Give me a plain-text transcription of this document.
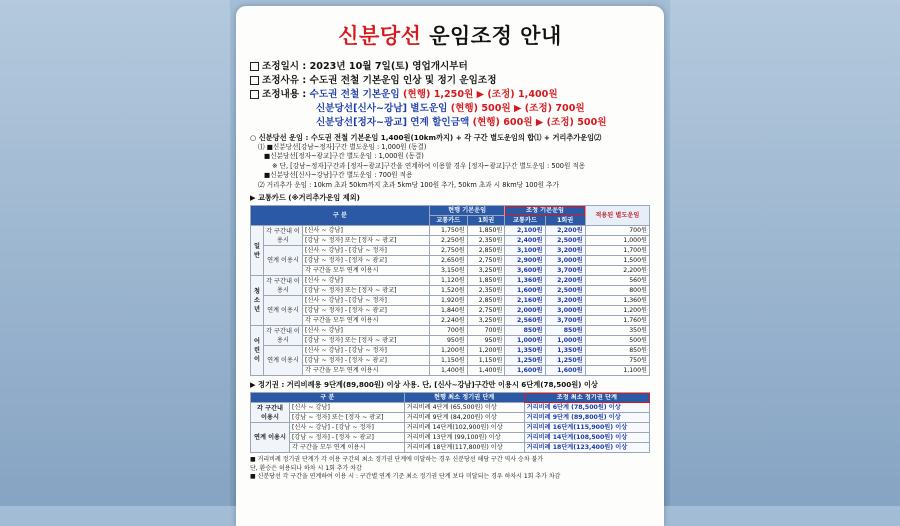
신분당선 운임조정 안내
조정일시 : 2023년 10월 7일(토) 영업개시부터
조정사유 : 수도권 전철 기본운임 인상 및 정기 운임조정
조정내용 : 수도권 전철 기본운임 (현행) 1,250원 ▶ (조정) 1,400원
신분당선[신사~강남] 별도운임 (현행) 500원 ▶ (조정) 700원
신분당선[정자~광교] 연계 할인금액 (현행) 600원 ▶ (조정) 500원
○ 신분당선 운임 : 수도권 전철 기본운임 1,400원(10km까지) + 각 구간 별도운임의 합⑴ + 거리추가운임⑵
⑴ ■신분당선[강남~정자]구간 별도운임 : 1,000원 (동결)
■신분당선[정자~광교]구간 별도운임 : 1,000원 (동결)
※ 단, [강남~정자]구간과 [정자~광교]구간을 연계하여 이용할 경우 [정자~광교]구간 별도운임 : 500원 적용
■신분당선[신사~강남]구간 별도운임 : 700원 적용
⑵ 거리추가 운임 : 10km 초과 50km까지 초과 5km당 100원 추가, 50km 초과 시 8km당 100원 추가
▶ 교통카드 (※거리추가운임 제외)
구 분			현행 기본운임		조정 기본운임		적용된 별도운임
			교통카드	1회권	교통카드	1회권	
일반	각 구간내 이용시	[신사 ~ 강남]	1,750원	1,850원	2,100원	2,200원	700원
		[강남 ~ 정자] 또는 [정자 ~ 광교]	2,250원	2,350원	2,400원	2,500원	1,000원
	연계 이용시	[신사 ~ 강남] - [강남 ~ 정자]	2,750원	2,850원	3,100원	3,200원	1,700원
		[강남 ~ 정자] - [정자 ~ 광교]	2,650원	2,750원	2,900원	3,000원	1,500원
		각 구간을 모두 연계 이용시	3,150원	3,250원	3,600원	3,700원	2,200원
청소년	각 구간내 이용시	[신사 ~ 강남]	1,120원	1,850원	1,360원	2,200원	560원
		[강남 ~ 정자] 또는 [정자 ~ 광교]	1,520원	2,350원	1,600원	2,500원	800원
	연계 이용시	[신사 ~ 강남] - [강남 ~ 정자]	1,920원	2,850원	2,160원	3,200원	1,360원
		[강남 ~ 정자] - [정자 ~ 광교]	1,840원	2,750원	2,000원	3,000원	1,200원
		각 구간을 모두 연계 이용시	2,240원	3,250원	2,560원	3,700원	1,760원
어린이	각 구간내 이용시	[신사 ~ 강남]	700원	700원	850원	850원	350원
		[강남 ~ 정자] 또는 [정자 ~ 광교]	950원	950원	1,000원	1,000원	500원
	연계 이용시	[신사 ~ 강남] - [강남 ~ 정자]	1,200원	1,200원	1,350원	1,350원	850원
		[강남 ~ 정자] - [정자 ~ 광교]	1,150원	1,150원	1,250원	1,250원	750원
		각 구간을 모두 연계 이용시	1,400원	1,400원	1,600원	1,600원	1,100원
▶ 정기권 : 거리비례용 9단계(89,800원) 이상 사용. 단, [신사~강남]구간만 이용시 6단계(78,500원) 이상
구 분		현행 최소 정기권 단계	조정 최소 정기권 단계
각 구간내 이용시	[신사 ~ 강남]	거리비례 4단계 (65,500원) 이상	거리비례 6단계 (78,500원) 이상
	[강남 ~ 정자] 또는 [정자 ~ 광교]	거리비례 9단계 (84,200원) 이상	거리비례 9단계 (89,800원) 이상
연계 이용시	[신사 ~ 강남] - [강남 ~ 정자]	거리비례 14단계(102,900원) 이상	거리비례 16단계(115,900원) 이상
	[강남 ~ 정자] - [정자 ~ 광교]	거리비례 13단계 (99,100원) 이상	거리비례 14단계(108,500원) 이상
	각 구간을 모두 연계 이용시	거리비례 18단계(117,800원) 이상	거리비례 18단계(123,400원) 이상
■ 거리비례 정기권 단계가 각 이용 구간의 최소 정기권 단계에 미달하는 경우 신분당선 해당 구간 역사 승차 불가
단, 환승은 허용되나 하차 시 1회 추가 차감
■ 신분당선 각 구간을 연계하여 이용 시 : 구간별 연계 기준 최소 정기권 단계 보다 미달되는 경우 하차시 1회 추가 차감
